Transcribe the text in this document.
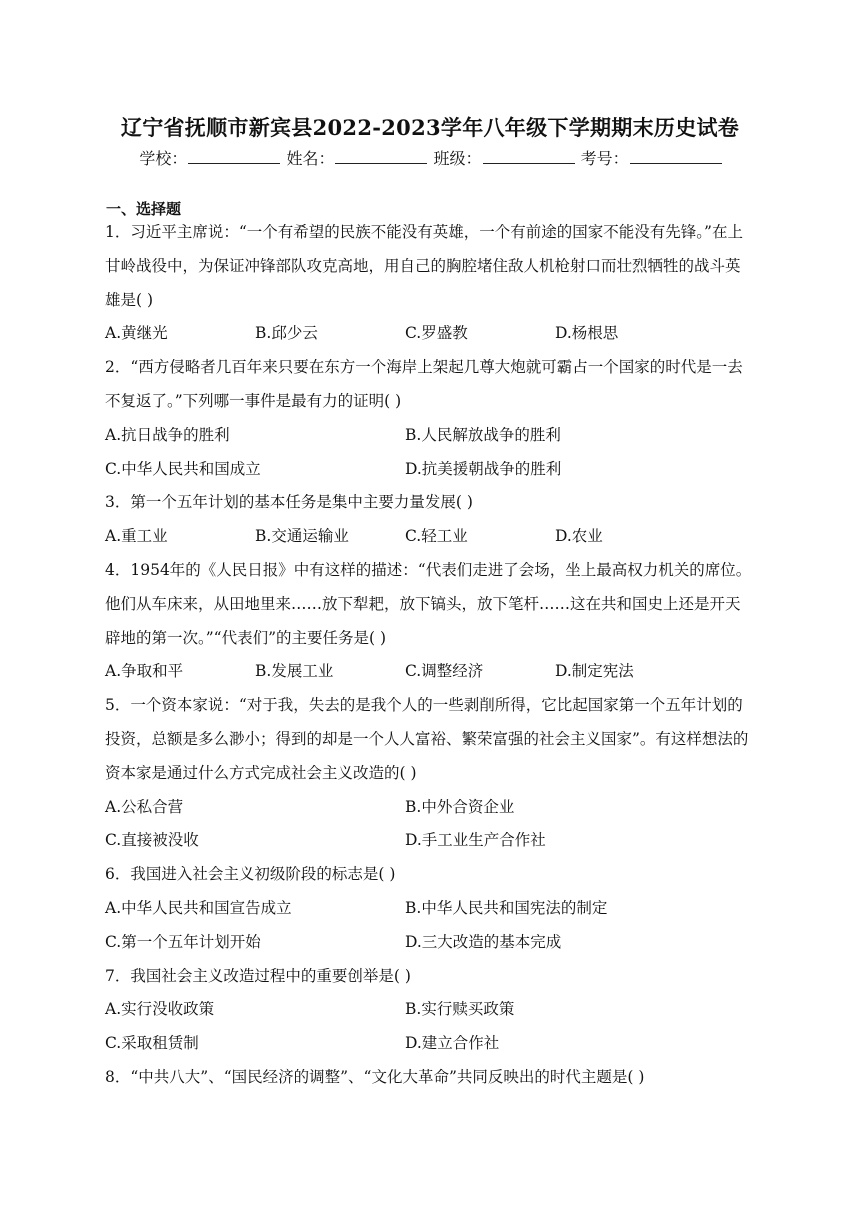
辽宁省抚顺市新宾县2022-2023学年八年级下学期期末历史试卷
学校：	姓名：	班级：	考号：
一、选择题

1．习近平主席说：“一个有希望的民族不能没有英雄，一个有前途的国家不能没有先锋。”在上甘岭战役中，为保证冲锋部队攻克高地，用自己的胸腔堵住敌人机枪射口而壮烈牺牲的战斗英雄是( )

A.黄继光	B.邱少云	C.罗盛教	D.杨根思

2．“西方侵略者几百年来只要在东方一个海岸上架起几尊大炮就可霸占一个国家的时代是一去不复返了。”下列哪一事件是最有力的证明( )

A.抗日战争的胜利	B.人民解放战争的胜利
C.中华人民共和国成立	D.抗美援朝战争的胜利

3．第一个五年计划的基本任务是集中主要力量发展( )

A.重工业	B.交通运输业	C.轻工业	D.农业

4．1954年的《人民日报》中有这样的描述：“代表们走进了会场，坐上最高权力机关的席位。他们从车床来，从田地里来……放下犁耙，放下镐头，放下笔杆……这在共和国史上还是开天辟地的第一次。”“代表们”的主要任务是( )

A.争取和平	B.发展工业	C.调整经济	D.制定宪法

5．一个资本家说：“对于我，失去的是我个人的一些剥削所得，它比起国家第一个五年计划的投资，总额是多么渺小；得到的却是一个人人富裕、繁荣富强的社会主义国家”。有这样想法的资本家是通过什么方式完成社会主义改造的( )

A.公私合营	B.中外合资企业
C.直接被没收	D.手工业生产合作社

6．我国进入社会主义初级阶段的标志是( )

A.中华人民共和国宣告成立	B.中华人民共和国宪法的制定
C.第一个五年计划开始	D.三大改造的基本完成

7．我国社会主义改造过程中的重要创举是( )

A.实行没收政策	B.实行赎买政策
C.采取租赁制	D.建立合作社

8．“中共八大”、“国民经济的调整”、“文化大革命”共同反映出的时代主题是( )
